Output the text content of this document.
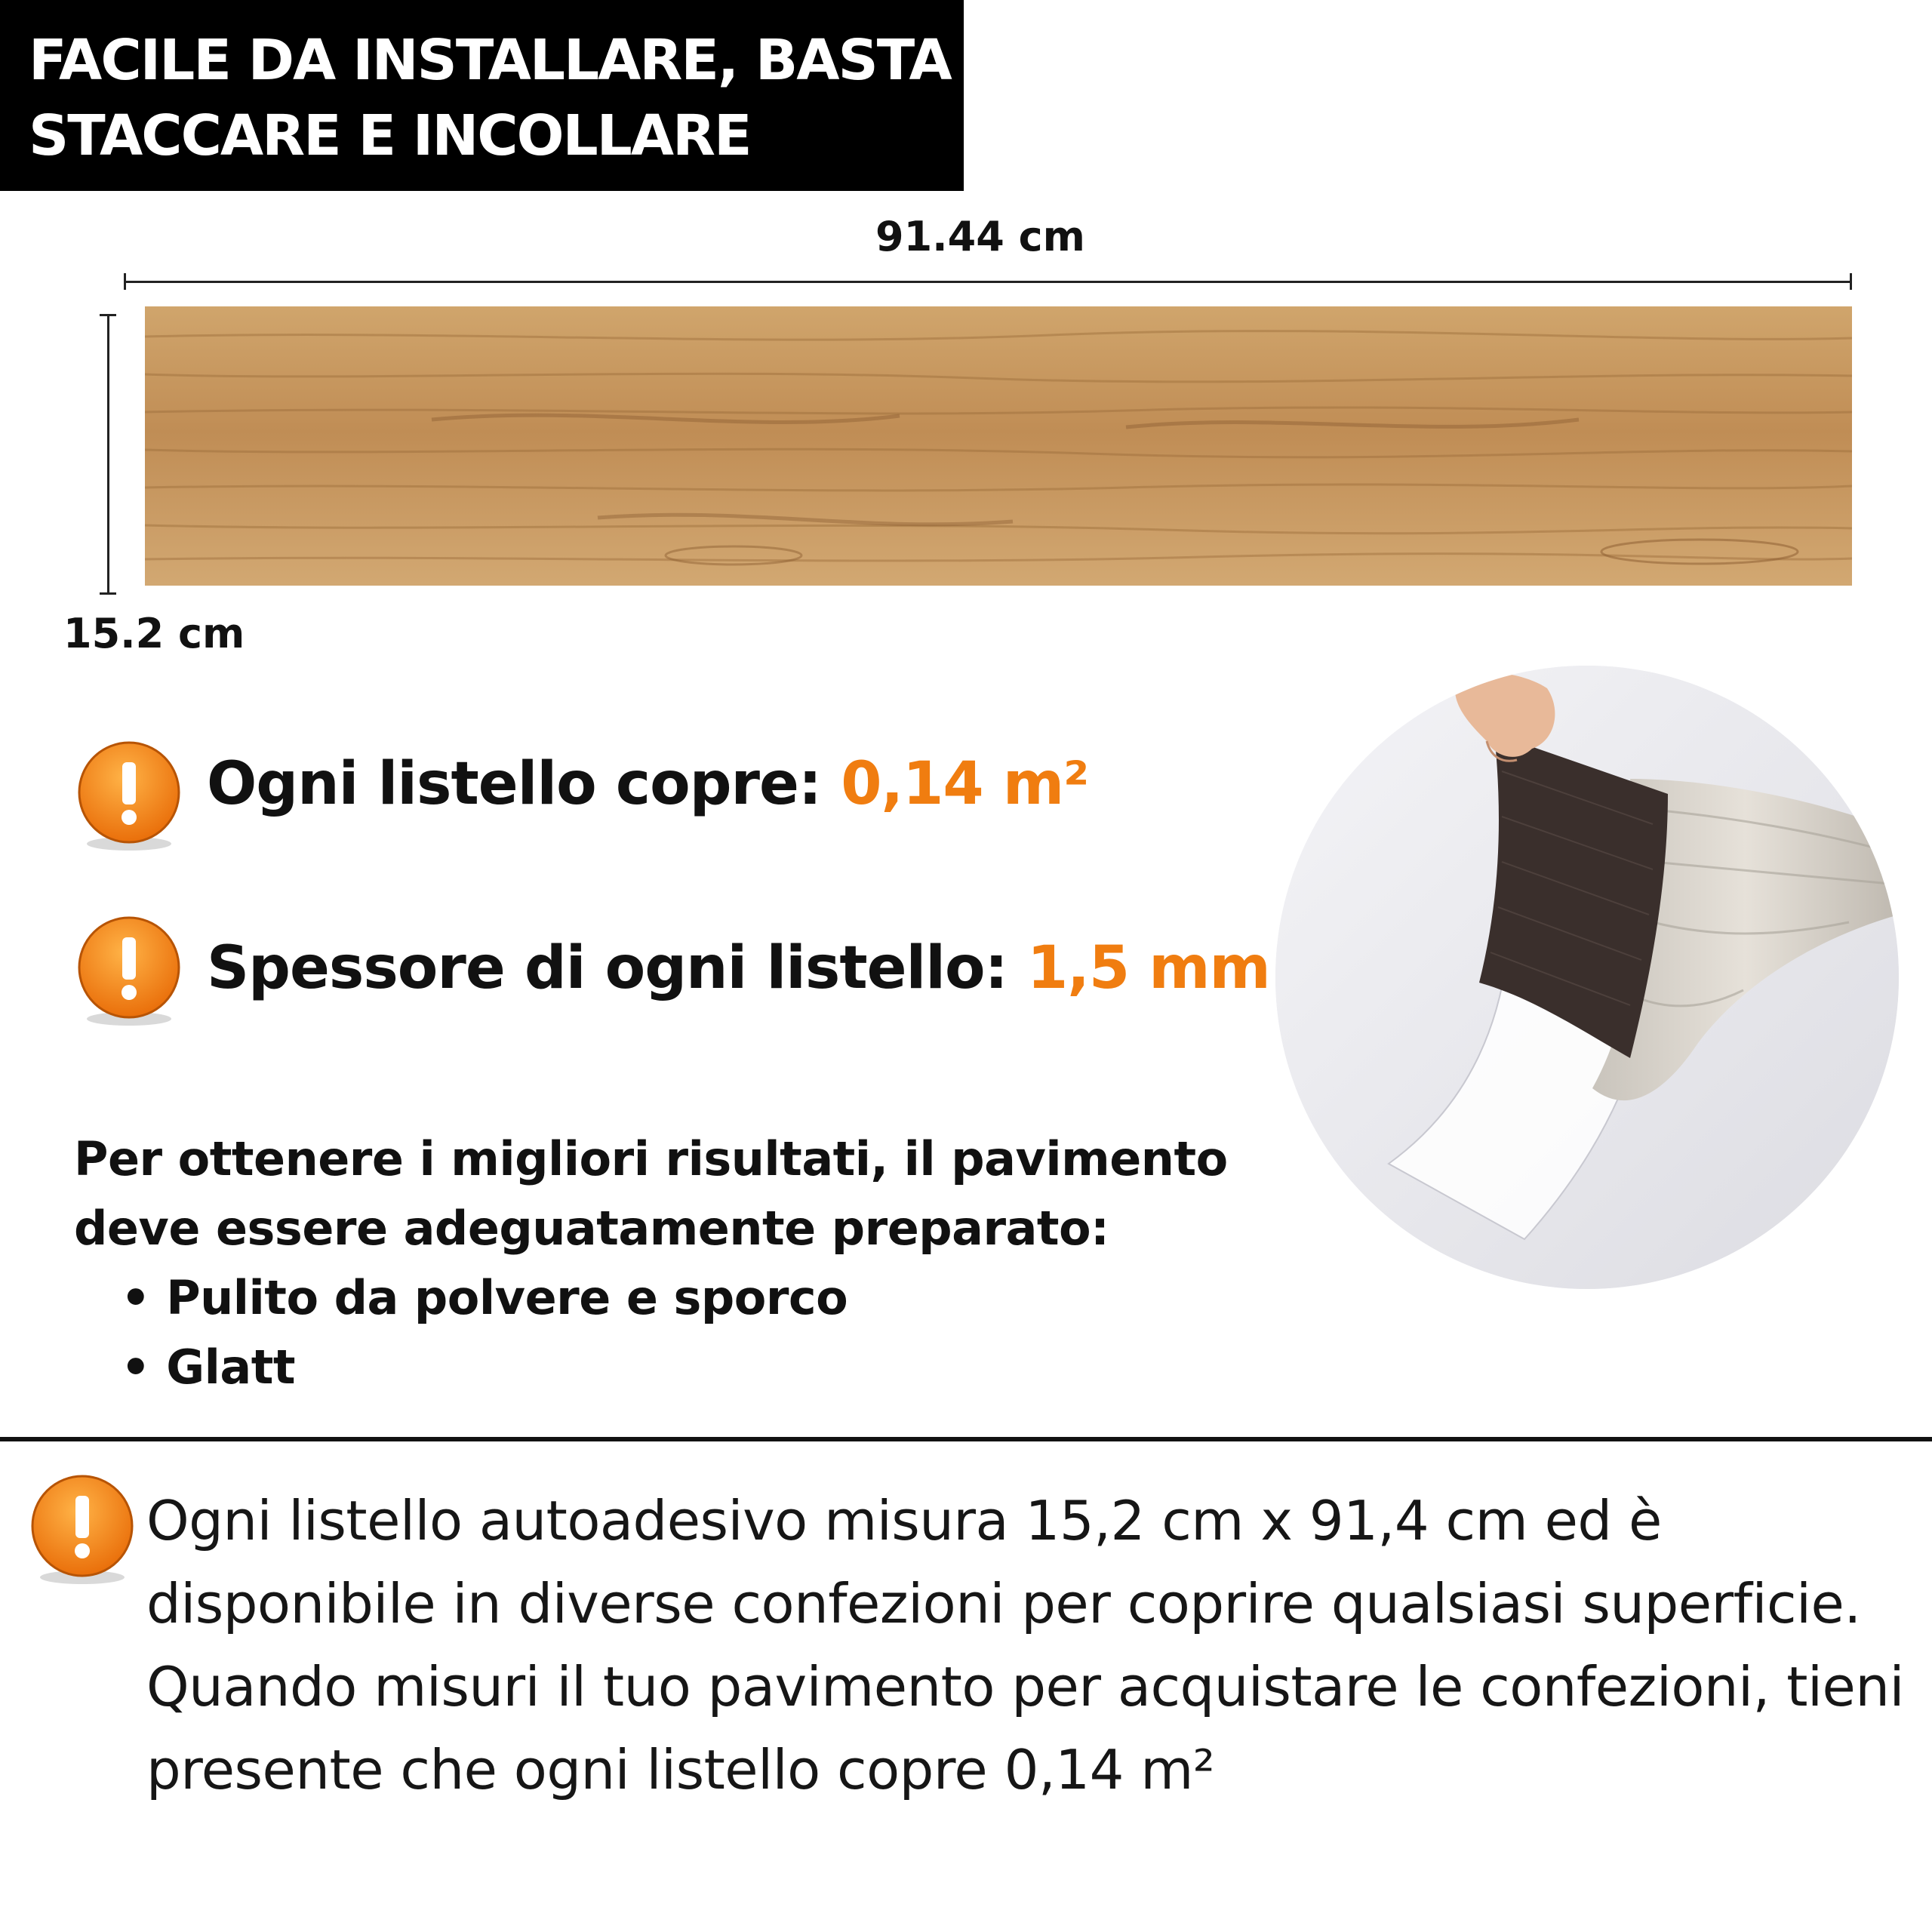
FACILE DA INSTALLARE, BASTA
STACCARE E INCOLLARE
91.44 cm
15.2 cm
Ogni listello copre: 0,14 m²
Spessore di ogni listello: 1,5 mm
Per ottenere i migliori risultati, il pavimento
deve essere adeguatamente preparato:
• Pulito da polvere e sporco
• Glatt
Ogni listello autoadesivo misura 15,2 cm x 91,4 cm ed è disponibile in diverse confezioni per coprire qualsiasi superficie. Quando misuri il tuo pavimento per acquistare le confezioni, tieni presente che ogni listello copre 0,14 m²
